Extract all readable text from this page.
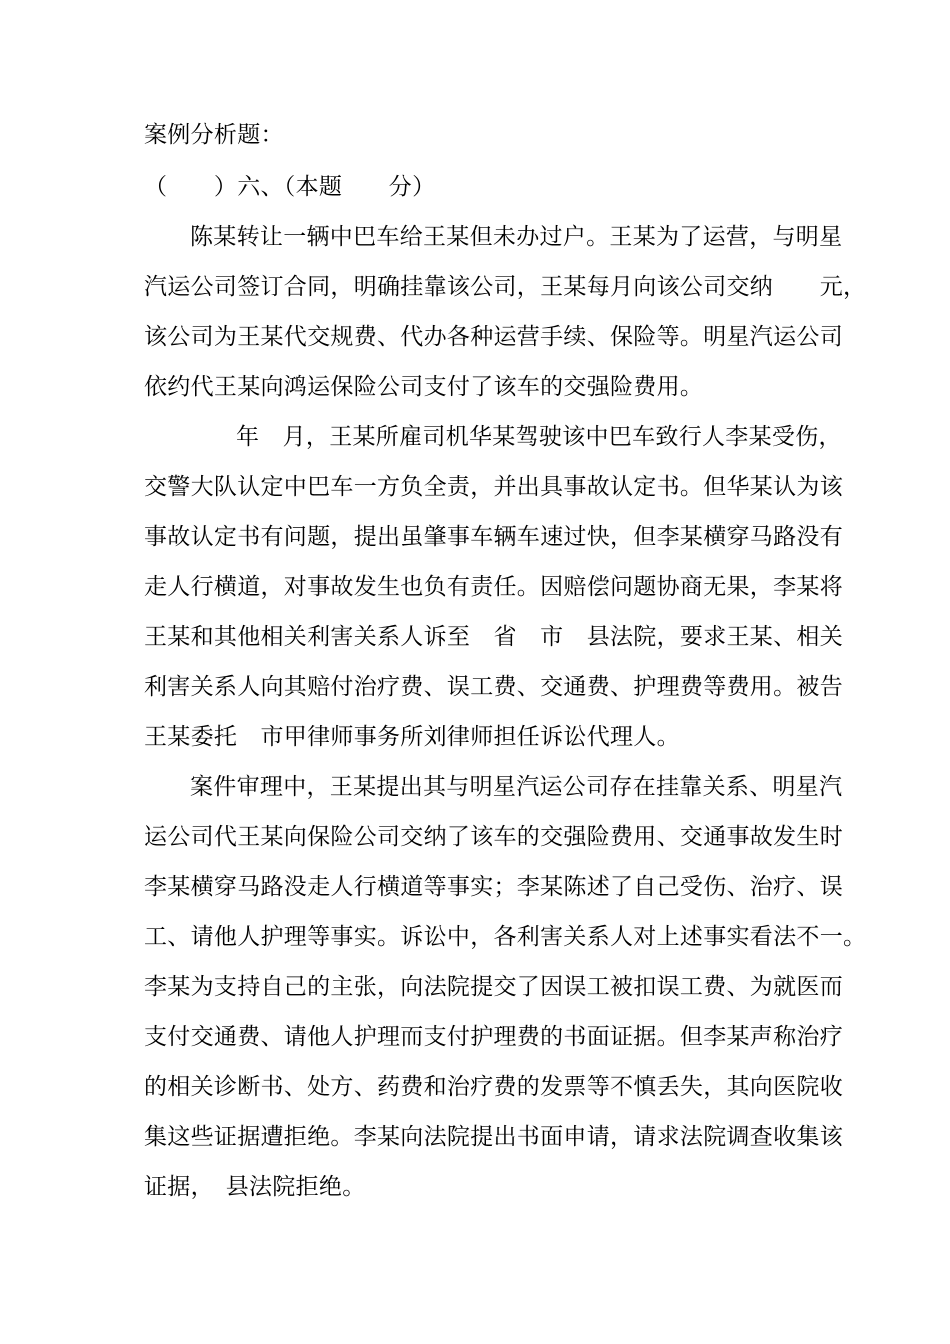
案例分析题：
（　　）六、（本题　　分）
陈某转让一辆中巴车给王某但未办过户。王某为了运营，与明星
汽运公司签订合同，明确挂靠该公司，王某每月向该公司交纳　　元，
该公司为王某代交规费、代办各种运营手续、保险等。明星汽运公司
依约代王某向鸿运保险公司支付了该车的交强险费用。
年　月，王某所雇司机华某驾驶该中巴车致行人李某受伤，
交警大队认定中巴车一方负全责，并出具事故认定书。但华某认为该
事故认定书有问题，提出虽肇事车辆车速过快，但李某横穿马路没有
走人行横道，对事故发生也负有责任。因赔偿问题协商无果，李某将
王某和其他相关利害关系人诉至　省　市　县法院，要求王某、相关
利害关系人向其赔付治疗费、误工费、交通费、护理费等费用。被告
王某委托　市甲律师事务所刘律师担任诉讼代理人。
案件审理中，王某提出其与明星汽运公司存在挂靠关系、明星汽
运公司代王某向保险公司交纳了该车的交强险费用、交通事故发生时
李某横穿马路没走人行横道等事实；李某陈述了自己受伤、治疗、误
工、请他人护理等事实。诉讼中，各利害关系人对上述事实看法不一。
李某为支持自己的主张，向法院提交了因误工被扣误工费、为就医而
支付交通费、请他人护理而支付护理费的书面证据。但李某声称治疗
的相关诊断书、处方、药费和治疗费的发票等不慎丢失，其向医院收
集这些证据遭拒绝。李某向法院提出书面申请，请求法院调查收集该
证据，　县法院拒绝。
